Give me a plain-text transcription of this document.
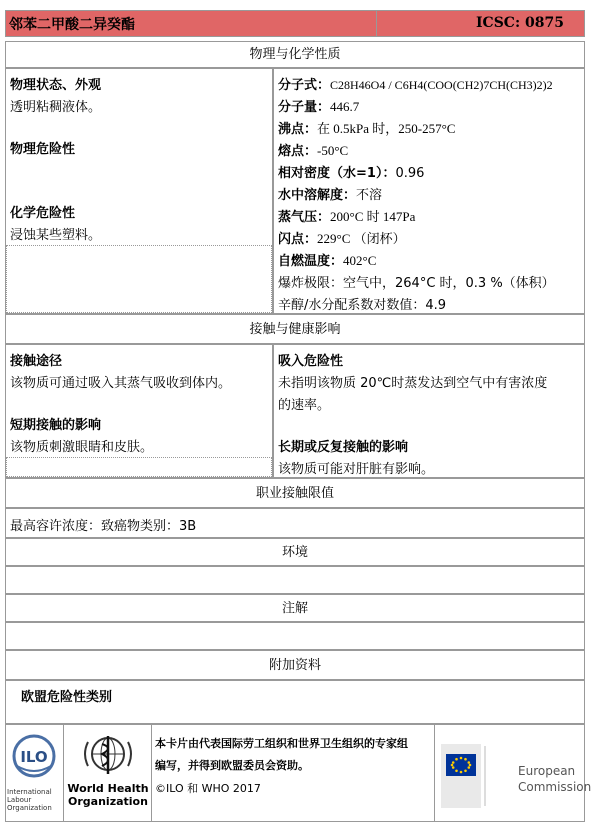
邻苯二甲酸二异癸酯	ICSC: 0875
物理与化学性质
物理状态、外观
透明粘稠液体。
物理危险性
化学危险性
浸蚀某些塑料。
分子式：C28H46O4 / C6H4(COO(CH2)7CH(CH3)2)2
分子量：446.7
沸点：在 0.5kPa 时，250-257°C
熔点：-50°C
相对密度（水=1）：0.96
水中溶解度：不溶
蒸气压：200°C 时 147Pa
闪点：229°C （闭杯）
自燃温度：402°C
爆炸极限：空气中，264°C 时，0.3 %（体积）
辛醇/水分配系数对数值：4.9
接触与健康影响
接触途径
该物质可通过吸入其蒸气吸收到体内。
短期接触的影响
该物质刺激眼睛和皮肤。
吸入危险性
未指明该物质 20℃时蒸发达到空气中有害浓度
的速率。
长期或反复接触的影响
该物质可能对肝脏有影响。
职业接触限值
最高容许浓度：致癌物类别：3B
环境
注解
附加资料
欧盟危险性类别
ILO
International
Labour
Organization
World Health
Organization
本卡片由代表国际劳工组织和世界卫生组织的专家组
编写，并得到欧盟委员会资助。
©ILO 和 WHO 2017
European
Commission
